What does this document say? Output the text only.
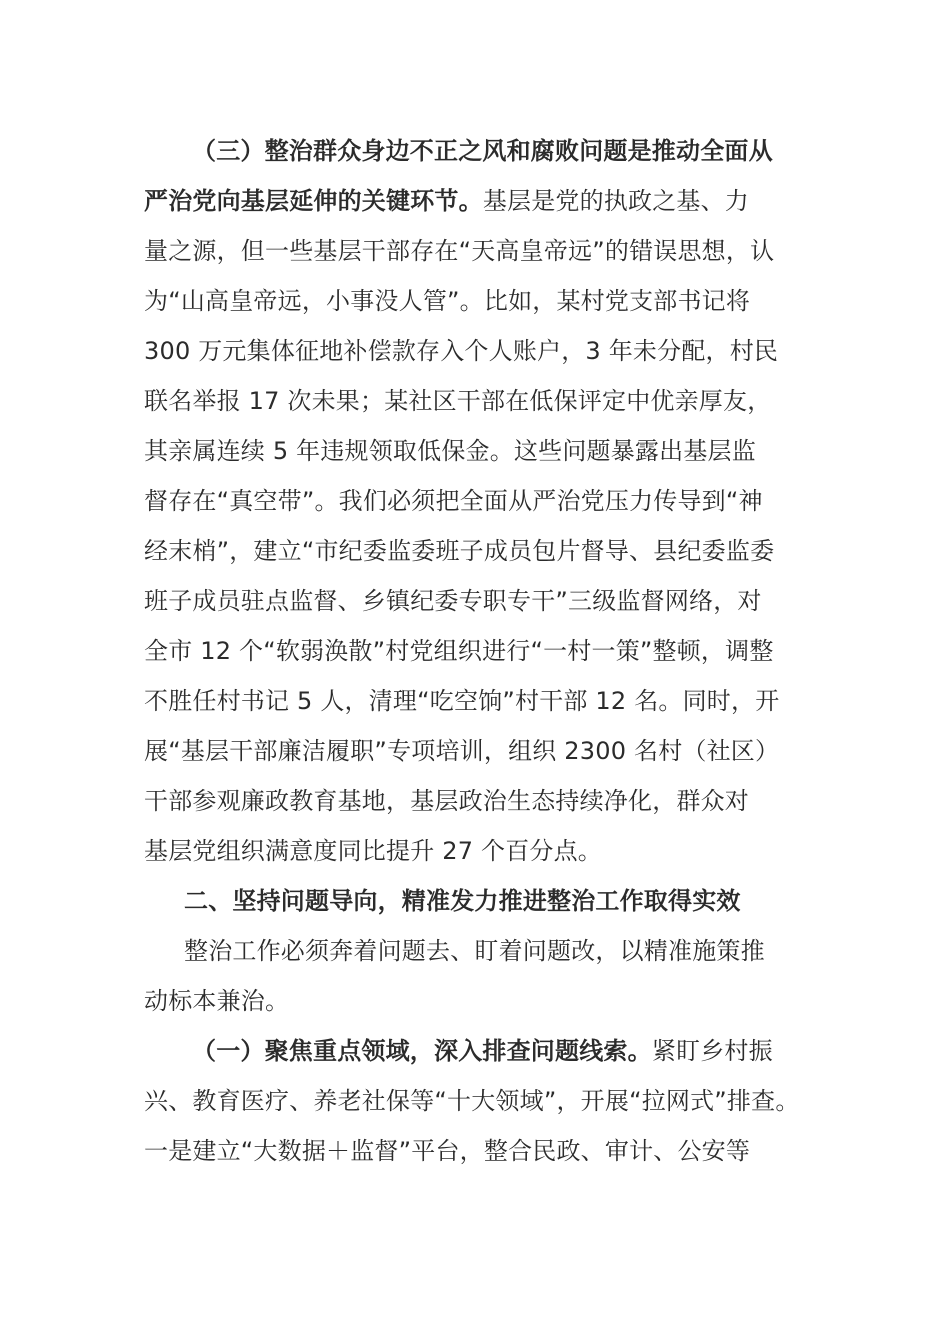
（三）整治群众身边不正之风和腐败问题是推动全面从
严治党向基层延伸的关键环节。基层是党的执政之基、力
量之源，但一些基层干部存在“天高皇帝远”的错误思想，认
为“山高皇帝远，小事没人管”。比如，某村党支部书记将
300 万元集体征地补偿款存入个人账户，3 年未分配，村民
联名举报 17 次未果；某社区干部在低保评定中优亲厚友，
其亲属连续 5 年违规领取低保金。这些问题暴露出基层监
督存在“真空带”。我们必须把全面从严治党压力传导到“神
经末梢”，建立“市纪委监委班子成员包片督导、县纪委监委
班子成员驻点监督、乡镇纪委专职专干”三级监督网络，对
全市 12 个“软弱涣散”村党组织进行“一村一策”整顿，调整
不胜任村书记 5 人，清理“吃空饷”村干部 12 名。同时，开
展“基层干部廉洁履职”专项培训，组织 2300 名村（社区）
干部参观廉政教育基地，基层政治生态持续净化，群众对
基层党组织满意度同比提升 27 个百分点。
二、坚持问题导向，精准发力推进整治工作取得实效
整治工作必须奔着问题去、盯着问题改，以精准施策推
动标本兼治。
（一）聚焦重点领域，深入排查问题线索。紧盯乡村振
兴、教育医疗、养老社保等“十大领域”，开展“拉网式”排查。
一是建立“大数据＋监督”平台，整合民政、审计、公安等
